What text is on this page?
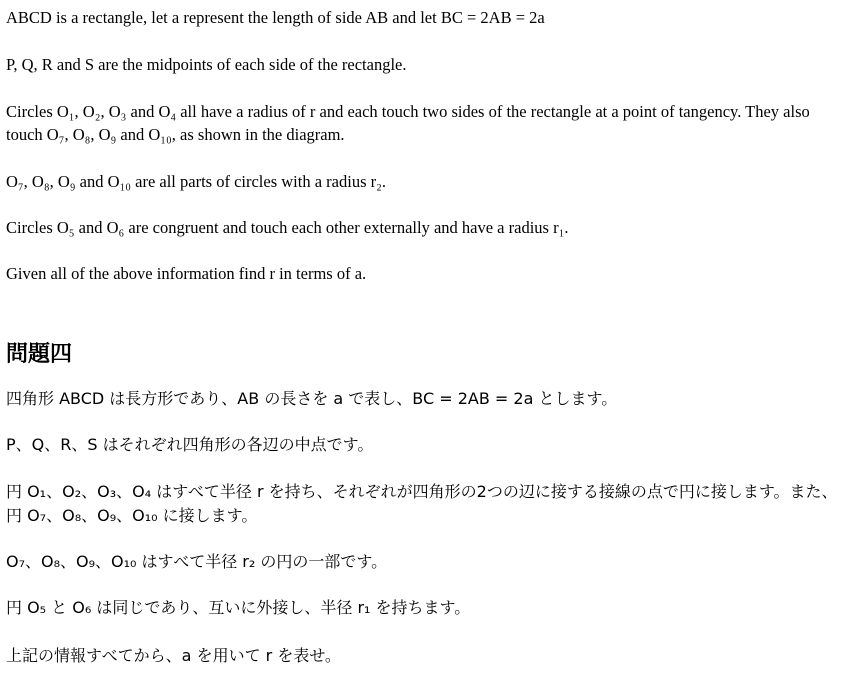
ABCD is a rectangle, let a represent the length of side AB and let BC = 2AB = 2a

P, Q, R and S are the midpoints of each side of the rectangle.

Circles O₁, O₂, O₃ and O₄ all have a radius of r and each touch two sides of the rectangle at a point of tangency. They also touch O₇, O₈, O₉ and O₁₀, as shown in the diagram.

O₇, O₈, O₉ and O₁₀ are all parts of circles with a radius r₂.

Circles O₅ and O₆ are congruent and touch each other externally and have a radius r₁.

Given all of the above information find r in terms of a.

問題四

四角形 ABCD は長方形であり、AB の長さを a で表し、BC = 2AB = 2a とします。

P、Q、R、S はそれぞれ四角形の各辺の中点です。

円 O₁、O₂、O₃、O₄ はすべて半径 r を持ち、それぞれが四角形の2つの辺に接する接線の点で円に接します。また、円 O₇、O₈、O₉、O₁₀ に接します。

O₇、O₈、O₉、O₁₀ はすべて半径 r₂ の円の一部です。

円 O₅ と O₆ は同じであり、互いに外接し、半径 r₁ を持ちます。

上記の情報すべてから、a を用いて r を表せ。
